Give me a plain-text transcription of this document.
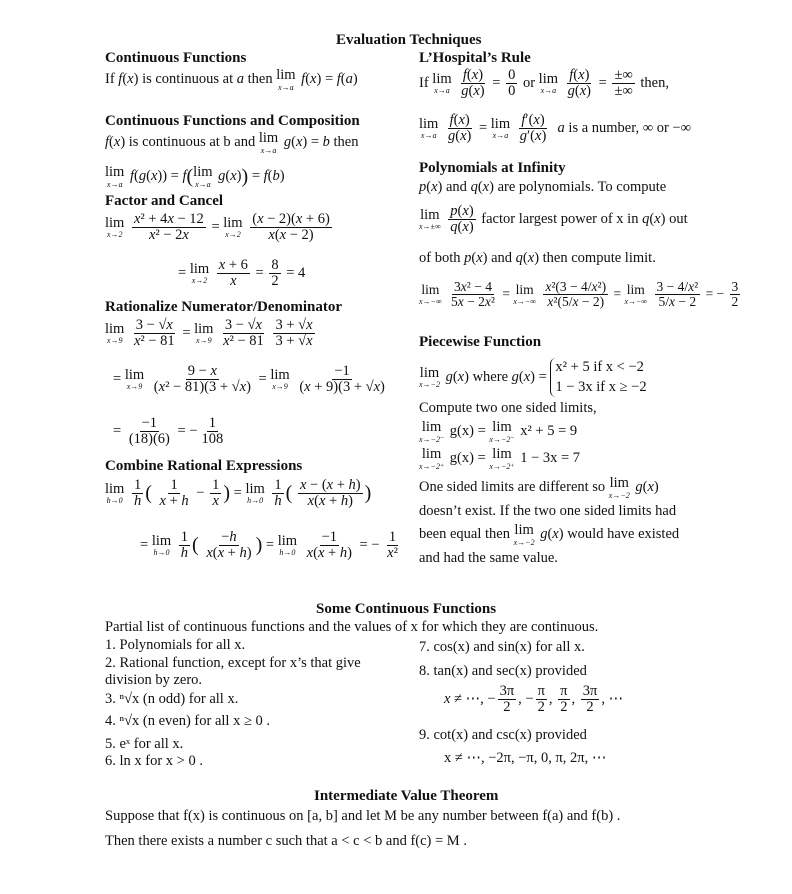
Evaluation Techniques
Continuous Functions
If f(x) is continuous at a then lim
x→a f(x) = f(a)
Continuous Functions and Composition
f(x) is continuous at b and lim
x→a g(x) = b then
lim
x→a f(g(x)) = f( lim
x→a g(x)) = f(b)
Factor and Cancel
lim
x→2
$\frac{\text{x² + 4x − 12}}{\text{x² − 2x}} = \lim$
x→2
$\frac{(x - 2)(x + 6)}{x(x - 2)}$
= lim
x→2
$\frac{x + 6}{x} = \frac{8}{2} = 4$
Rationalize Numerator/Denominator
lim
x→9
$\frac{3 - √x}{\text{x² − 81}} = \lim$
x→9
$\frac{3 - √x}{\text{x² − 81}}$
$\frac{3 + √x}{3 + √x}$
= lim
x→9
$\frac{9 - x}{\text{(x² − 81)(3 + √x)}} = \lim$
x→9
$\frac{-1}{(x + 9)(3 + √x)}$
= $\frac{-1}{(18)(6)}$ = − $\frac{1}{108}$
Combine Rational Expressions
lim
h→0
$\frac{1}{h}$ ( $\frac{1}{x + h} - \frac{1}{x}$ ) = lim
h→0
$\frac{1}{h}$ ( $\frac{x - (x + h)}{x(x + h)}$ )
= lim
h→0
$\frac{1}{h}$ ( $\frac{-h}{x(x + h)}$ ) = lim
h→0
$\frac{-1}{x(x + h)}$ = − $\frac{1}{\text{x²}}$
L’Hospital’s Rule
If lim
x→a
$\frac{f(x)}{g(x)} = \frac{0}{0}$ or lim
x→a
$\frac{f(x)}{g(x)}$ =
±∞
±∞
then,
lim
x→a
$\frac{f(x)}{g(x)} = \lim$
x→a
$\frac{f'(x)}{g'(x)}$ a is a number, ∞ or −∞
Polynomials at Infinity
p(x) and q(x) are polynomials. To compute
lim
x→±∞
$\frac{p(x)}{q(x)}$ factor largest power of x in q(x) out
of both p(x) and q(x) then compute limit.
lim
x→−∞
$\frac{\text{3x² − 4}}{\text{5x − 2x²}} = \lim$
x→−∞
$\frac{\text{x²(3 − 4/x²)}}{\text{x²(5/x − 2)}} = \lim$
x→−∞
$\frac{\text{3 − 4/x²}}{5/x - 2}$ = − $\frac{3}{2}$
Piecewise Function
lim
x→−2 g(x) where g(x) =
x² + 5 if x < −2
1 − 3x if x ≥ −2
Compute two one sided limits,
lim
x→−2⁻ g(x) = lim
x→−2⁻ x² + 5 = 9
lim
x→−2⁺ g(x) = lim
x→−2⁺ 1 − 3x = 7
One sided limits are different so lim
x→−2 g(x)
doesn’t exist. If the two one sided limits had
been equal then lim
x→−2 g(x) would have existed
and had the same value.
Some Continuous Functions
Partial list of continuous functions and the values of x for which they are continuous.
1. Polynomials for all x.
2. Rational function, except for x’s that give
division by zero.
3. ⁿ√x (n odd) for all x.
4. ⁿ√x (n even) for all x ≥ 0 .
5. eˣ for all x.
6. ln x for x > 0 .
7. cos(x) and sin(x) for all x.
8. tan(x) and sec(x) provided
x ≠ ⋯, − $\frac{3\pi}{2}$ , − $\frac{\pi}{2}$ , $\frac{\pi}{2}$ , $\frac{3\pi}{2}$ , ⋯
9. cot(x) and csc(x) provided
x ≠ ⋯, −2π, −π, 0, π, 2π, ⋯
Intermediate Value Theorem
Suppose that f(x) is continuous on [a, b] and let M be any number between f(a) and f(b) .
Then there exists a number c such that a < c < b and f(c) = M .
